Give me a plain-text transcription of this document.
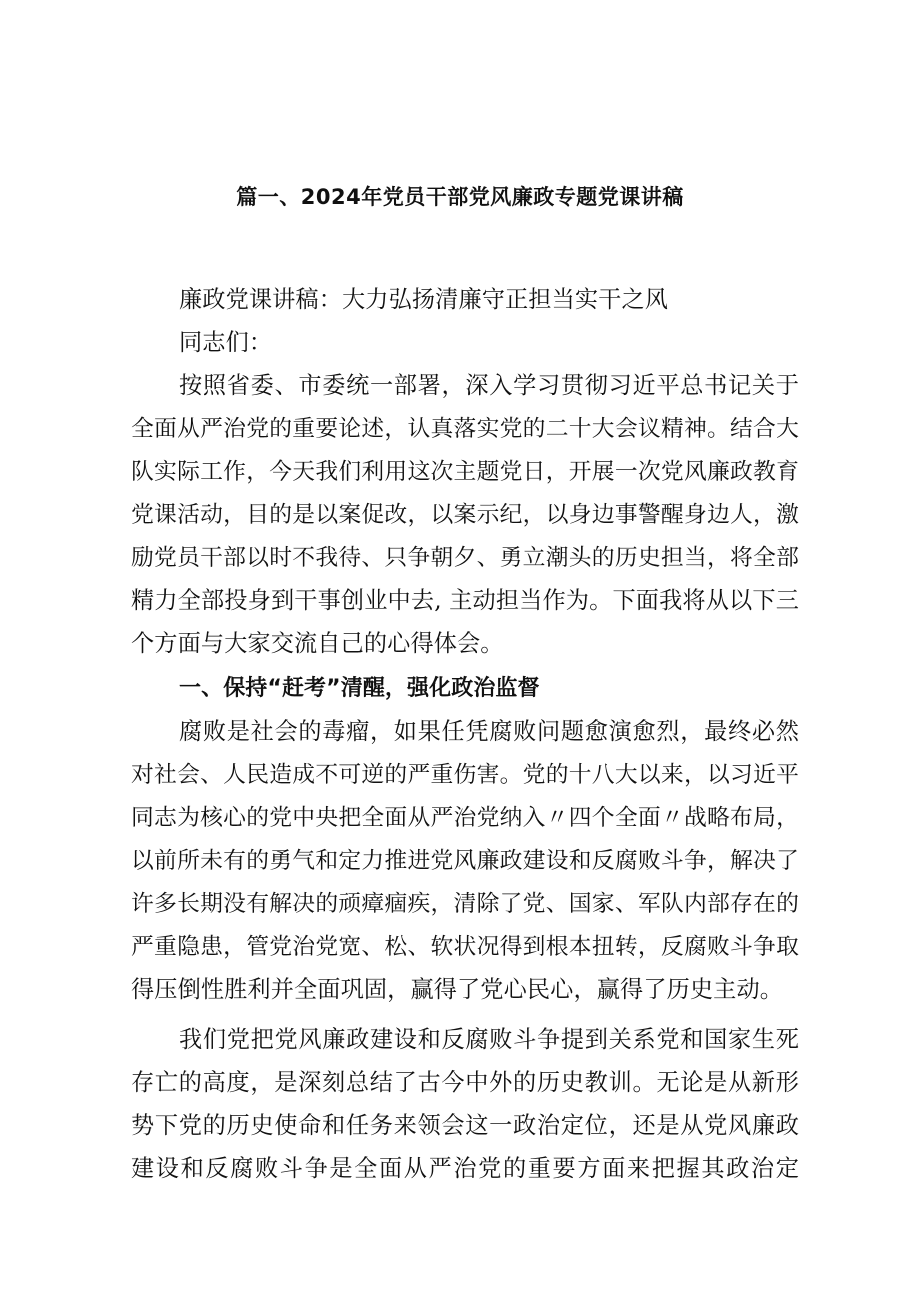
篇一、2024年党员干部党风廉政专题党课讲稿
廉政党课讲稿：大力弘扬清廉守正担当实干之风
同志们：
按照省委、市委统一部署，深入学习贯彻习近平总书记关于
全面从严治党的重要论述，认真落实党的二十大会议精神。结合大
队实际工作，今天我们利用这次主题党日，开展一次党风廉政教育
党课活动，目的是以案促改，以案示纪，以身边事警醒身边人，激
励党员干部以时不我待、只争朝夕、勇立潮头的历史担当，将全部
精力全部投身到干事创业中去, 主动担当作为。下面我将从以下三
个方面与大家交流自己的心得体会。
一、保持“赶考”清醒，强化政治监督
腐败是社会的毒瘤，如果任凭腐败问题愈演愈烈，最终必然
对社会、人民造成不可逆的严重伤害。党的十八大以来，以习近平
同志为核心的党中央把全面从严治党纳入〃四个全面〃战略布局，
以前所未有的勇气和定力推进党风廉政建设和反腐败斗争，解决了
许多长期没有解决的顽瘴痼疾，清除了党、国家、军队内部存在的
严重隐患，管党治党宽、松、软状况得到根本扭转，反腐败斗争取
得压倒性胜利并全面巩固，赢得了党心民心，赢得了历史主动。
我们党把党风廉政建设和反腐败斗争提到关系党和国家生死
存亡的高度，是深刻总结了古今中外的历史教训。无论是从新形
势下党的历史使命和任务来领会这一政治定位，还是从党风廉政
建设和反腐败斗争是全面从严治党的重要方面来把握其政治定
